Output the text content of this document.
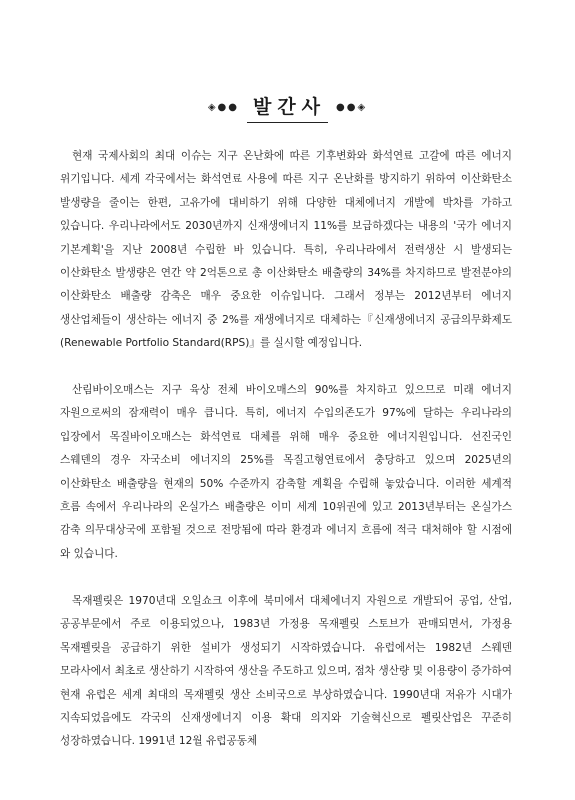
◈●● 발간사 ●●◈

현재 국제사회의 최대 이슈는 지구 온난화에 따른 기후변화와 화석연료 고갈에 따른 에너지 위기입니다. 세계 각국에서는 화석연료 사용에 따른 지구 온난화를 방지하기 위하여 이산화탄소 발생량을 줄이는 한편, 고유가에 대비하기 위해 다양한 대체에너지 개발에 박차를 가하고 있습니다. 우리나라에서도 2030년까지 신재생에너지 11%를 보급하겠다는 내용의 '국가 에너지 기본계획'을 지난 2008년 수립한 바 있습니다. 특히, 우리나라에서 전력생산 시 발생되는 이산화탄소 발생량은 연간 약 2억톤으로 총 이산화탄소 배출량의 34%를 차지하므로 발전분야의 이산화탄소 배출량 감축은 매우 중요한 이슈입니다. 그래서 정부는 2012년부터 에너지 생산업체들이 생산하는 에너지 중 2%를 재생에너지로 대체하는『신재생에너지 공급의무화제도(Renewable Portfolio Standard(RPS)』를 실시할 예정입니다.

산림바이오매스는 지구 육상 전체 바이오매스의 90%를 차지하고 있으므로 미래 에너지 자원으로써의 잠재력이 매우 큽니다. 특히, 에너지 수입의존도가 97%에 달하는 우리나라의 입장에서 목질바이오매스는 화석연료 대체를 위해 매우 중요한 에너지원입니다. 선진국인 스웨덴의 경우 자국소비 에너지의 25%를 목질고형연료에서 충당하고 있으며 2025년의 이산화탄소 배출량을 현재의 50% 수준까지 감축할 계획을 수립해 놓았습니다. 이러한 세계적 흐름 속에서 우리나라의 온실가스 배출량은 이미 세계 10위권에 있고 2013년부터는 온실가스 감축 의무대상국에 포함될 것으로 전망됨에 따라 환경과 에너지 흐름에 적극 대처해야 할 시점에 와 있습니다.

목재펠릿은 1970년대 오일쇼크 이후에 북미에서 대체에너지 자원으로 개발되어 공업, 산업, 공공부문에서 주로 이용되었으나, 1983년 가정용 목재펠릿 스토브가 판매되면서, 가정용 목재펠릿을 공급하기 위한 설비가 생성되기 시작하였습니다. 유럽에서는 1982년 스웨덴 모라사에서 최초로 생산하기 시작하여 생산을 주도하고 있으며, 점차 생산량 및 이용량이 증가하여 현재 유럽은 세계 최대의 목재펠릿 생산 소비국으로 부상하였습니다. 1990년대 저유가 시대가 지속되었음에도 각국의 신재생에너지 이용 확대 의지와 기술혁신으로 펠릿산업은 꾸준히 성장하였습니다. 1991년 12월 유럽공동체
